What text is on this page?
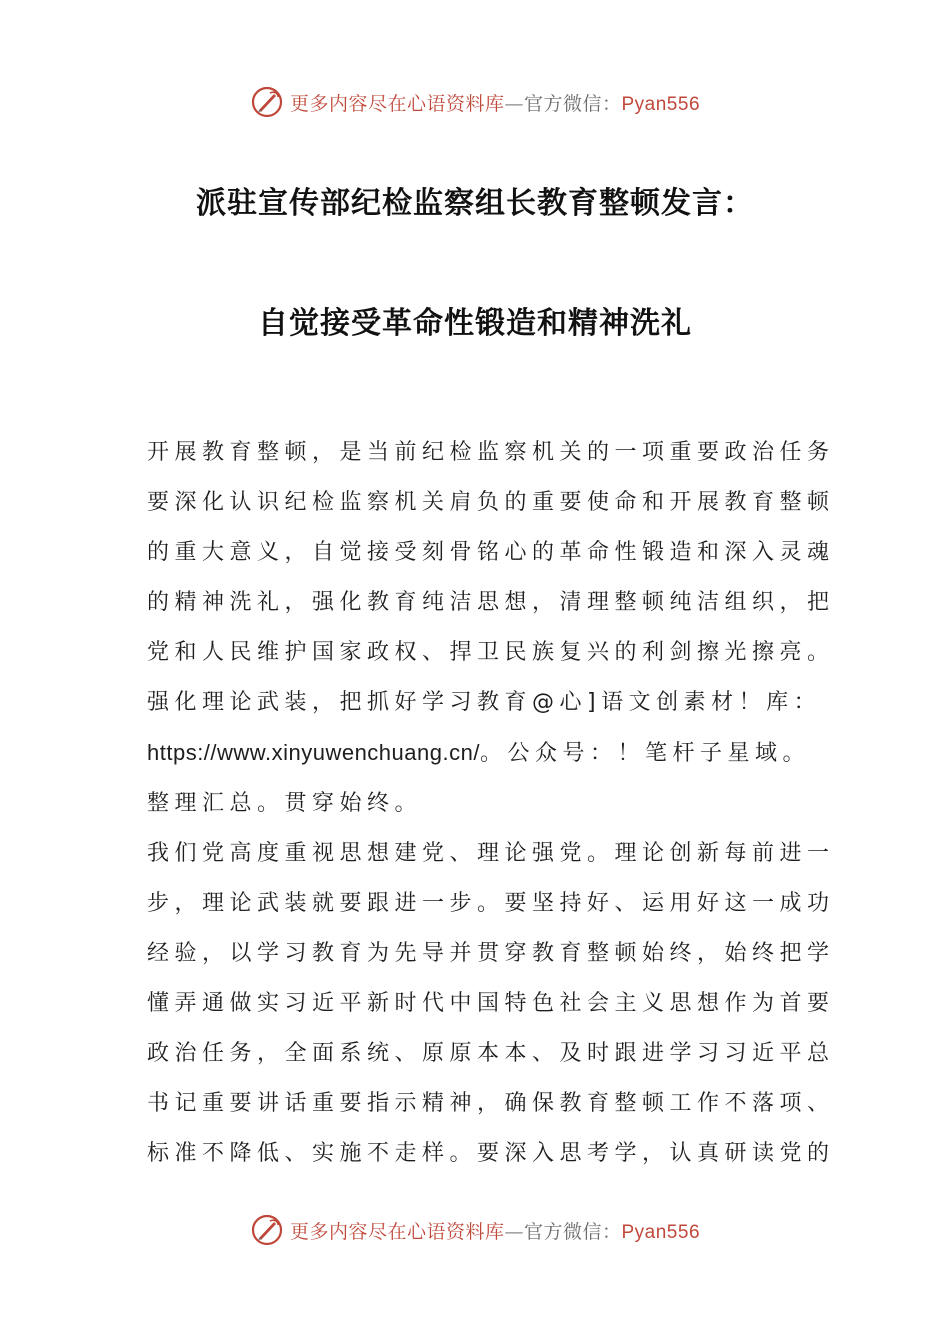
更多内容尽在心语资料库—官方微信：Pyan556
派驻宣传部纪检监察组长教育整顿发言：
自觉接受革命性锻造和精神洗礼

开展教育整顿，是当前纪检监察机关的一项重要政治任务

要深化认识纪检监察机关肩负的重要使命和开展教育整顿

的重大意义，自觉接受刻骨铭心的革命性锻造和深入灵魂

的精神洗礼，强化教育纯洁思想，清理整顿纯洁组织，把

党和人民维护国家政权、捍卫民族复兴的利剑擦光擦亮。

强化理论武装，把抓好学习教育@心]语文创素材！库：

https://www.xinyuwenchuang.cn/。公众号：！笔杆子星域。

整理汇总。贯穿始终。

我们党高度重视思想建党、理论强党。理论创新每前进一

步，理论武装就要跟进一步。要坚持好、运用好这一成功

经验，以学习教育为先导并贯穿教育整顿始终，始终把学

懂弄通做实习近平新时代中国特色社会主义思想作为首要

政治任务，全面系统、原原本本、及时跟进学习习近平总

书记重要讲话重要指示精神，确保教育整顿工作不落项、

标准不降低、实施不走样。要深入思考学，认真研读党的

更多内容尽在心语资料库—官方微信：Pyan556
